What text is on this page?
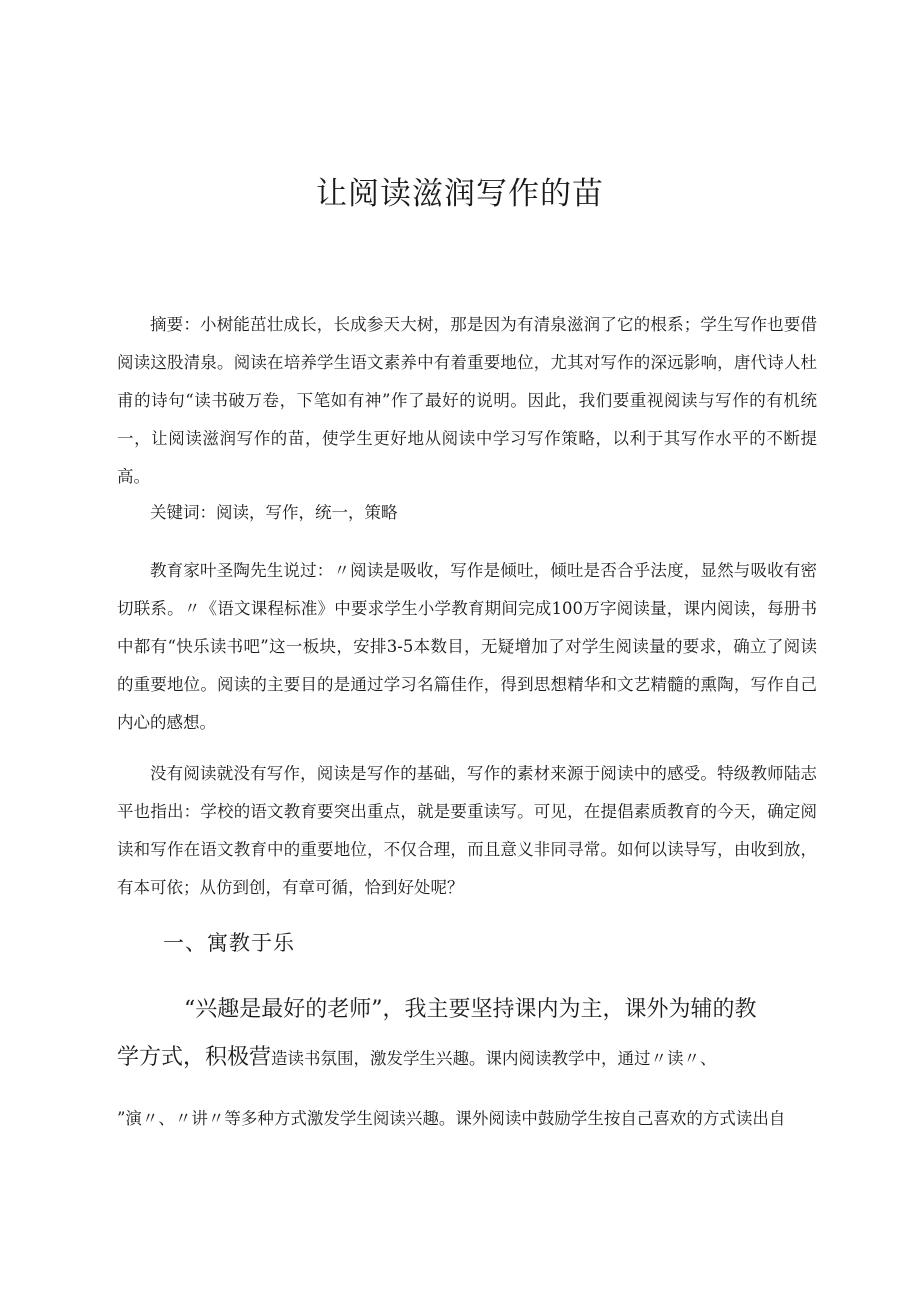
让阅读滋润写作的苗

摘要：小树能茁壮成长，长成参天大树，那是因为有清泉滋润了它的根系；学生写作也要借阅读这股清泉。阅读在培养学生语文素养中有着重要地位，尤其对写作的深远影响，唐代诗人杜甫的诗句“读书破万卷，下笔如有神”作了最好的说明。因此，我们要重视阅读与写作的有机统一，让阅读滋润写作的苗，使学生更好地从阅读中学习写作策略，以利于其写作水平的不断提高。

关键词：阅读，写作，统一，策略

教育家叶圣陶先生说过：〃阅读是吸收，写作是倾吐，倾吐是否合乎法度，显然与吸收有密切联系。〃《语文课程标准》中要求学生小学教育期间完成100万字阅读量，课内阅读，每册书中都有“快乐读书吧”这一板块，安排3-5本数目，无疑增加了对学生阅读量的要求，确立了阅读的重要地位。阅读的主要目的是通过学习名篇佳作，得到思想精华和文艺精髓的熏陶，写作自己内心的感想。

没有阅读就没有写作，阅读是写作的基础，写作的素材来源于阅读中的感受。特级教师陆志平也指出：学校的语文教育要突出重点，就是要重读写。可见，在提倡素质教育的今天，确定阅读和写作在语文教育中的重要地位，不仅合理，而且意义非同寻常。如何以读导写，由收到放，有本可依；从仿到创，有章可循，恰到好处呢？

一、寓教于乐
“兴趣是最好的老师”，我主要坚持课内为主，课外为辅的教
学方式，积极营造读书氛围，激发学生兴趣。课内阅读教学中，通过〃读〃、
”演〃、〃讲〃等多种方式激发学生阅读兴趣。课外阅读中鼓励学生按自己喜欢的方式读出自
